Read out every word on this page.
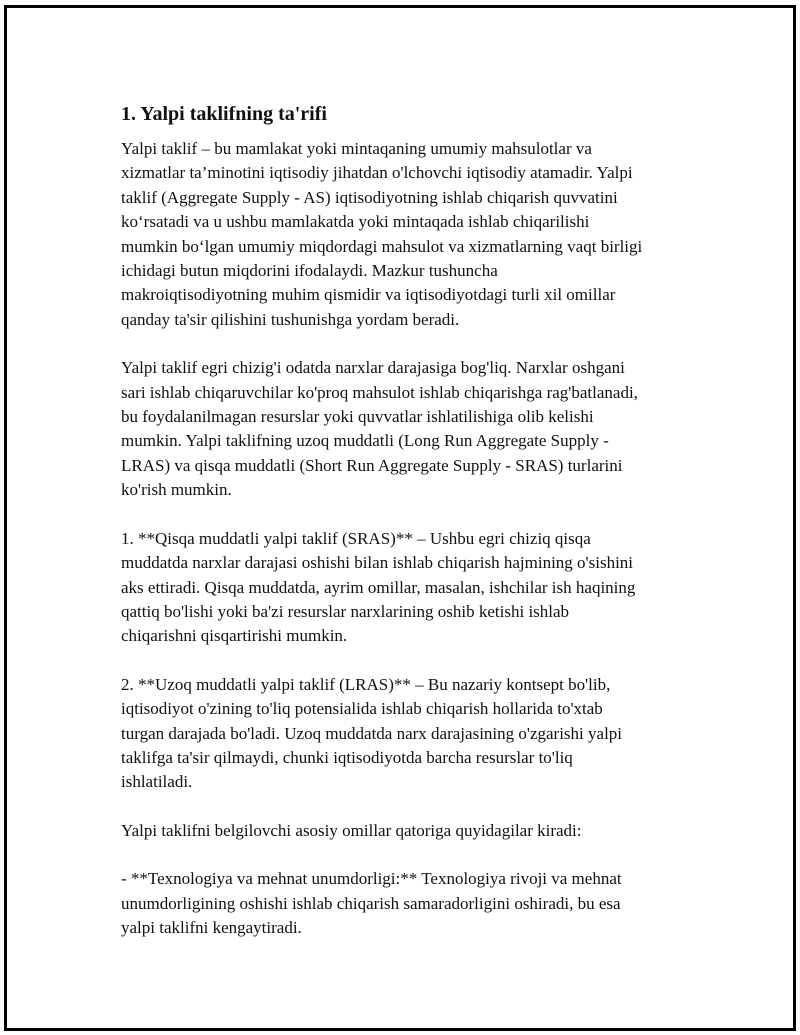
1. Yalpi taklifning ta'rifi

Yalpi taklif – bu mamlakat yoki mintaqaning umumiy mahsulotlar va
xizmatlar ta’minotini iqtisodiy jihatdan o'lchovchi iqtisodiy atamadir. Yalpi
taklif (Aggregate Supply - AS) iqtisodiyotning ishlab chiqarish quvvatini
ko‘rsatadi va u ushbu mamlakatda yoki mintaqada ishlab chiqarilishi
mumkin bo‘lgan umumiy miqdordagi mahsulot va xizmatlarning vaqt birligi
ichidagi butun miqdorini ifodalaydi. Mazkur tushuncha
makroiqtisodiyotning muhim qismidir va iqtisodiyotdagi turli xil omillar
qanday ta'sir qilishini tushunishga yordam beradi.

Yalpi taklif egri chizig'i odatda narxlar darajasiga bog'liq. Narxlar oshgani
sari ishlab chiqaruvchilar ko'proq mahsulot ishlab chiqarishga rag'batlanadi,
bu foydalanilmagan resurslar yoki quvvatlar ishlatilishiga olib kelishi
mumkin. Yalpi taklifning uzoq muddatli (Long Run Aggregate Supply -
LRAS) va qisqa muddatli (Short Run Aggregate Supply - SRAS) turlarini
ko'rish mumkin.

1. **Qisqa muddatli yalpi taklif (SRAS)** – Ushbu egri chiziq qisqa
muddatda narxlar darajasi oshishi bilan ishlab chiqarish hajmining o'sishini
aks ettiradi. Qisqa muddatda, ayrim omillar, masalan, ishchilar ish haqining
qattiq bo'lishi yoki ba'zi resurslar narxlarining oshib ketishi ishlab
chiqarishni qisqartirishi mumkin.

2. **Uzoq muddatli yalpi taklif (LRAS)** – Bu nazariy kontsept bo'lib,
iqtisodiyot o'zining to'liq potensialida ishlab chiqarish hollarida to'xtab
turgan darajada bo'ladi. Uzoq muddatda narx darajasining o'zgarishi yalpi
taklifga ta'sir qilmaydi, chunki iqtisodiyotda barcha resurslar to'liq
ishlatiladi.

Yalpi taklifni belgilovchi asosiy omillar qatoriga quyidagilar kiradi:

- **Texnologiya va mehnat unumdorligi:** Texnologiya rivoji va mehnat
unumdorligining oshishi ishlab chiqarish samaradorligini oshiradi, bu esa
yalpi taklifni kengaytiradi.
